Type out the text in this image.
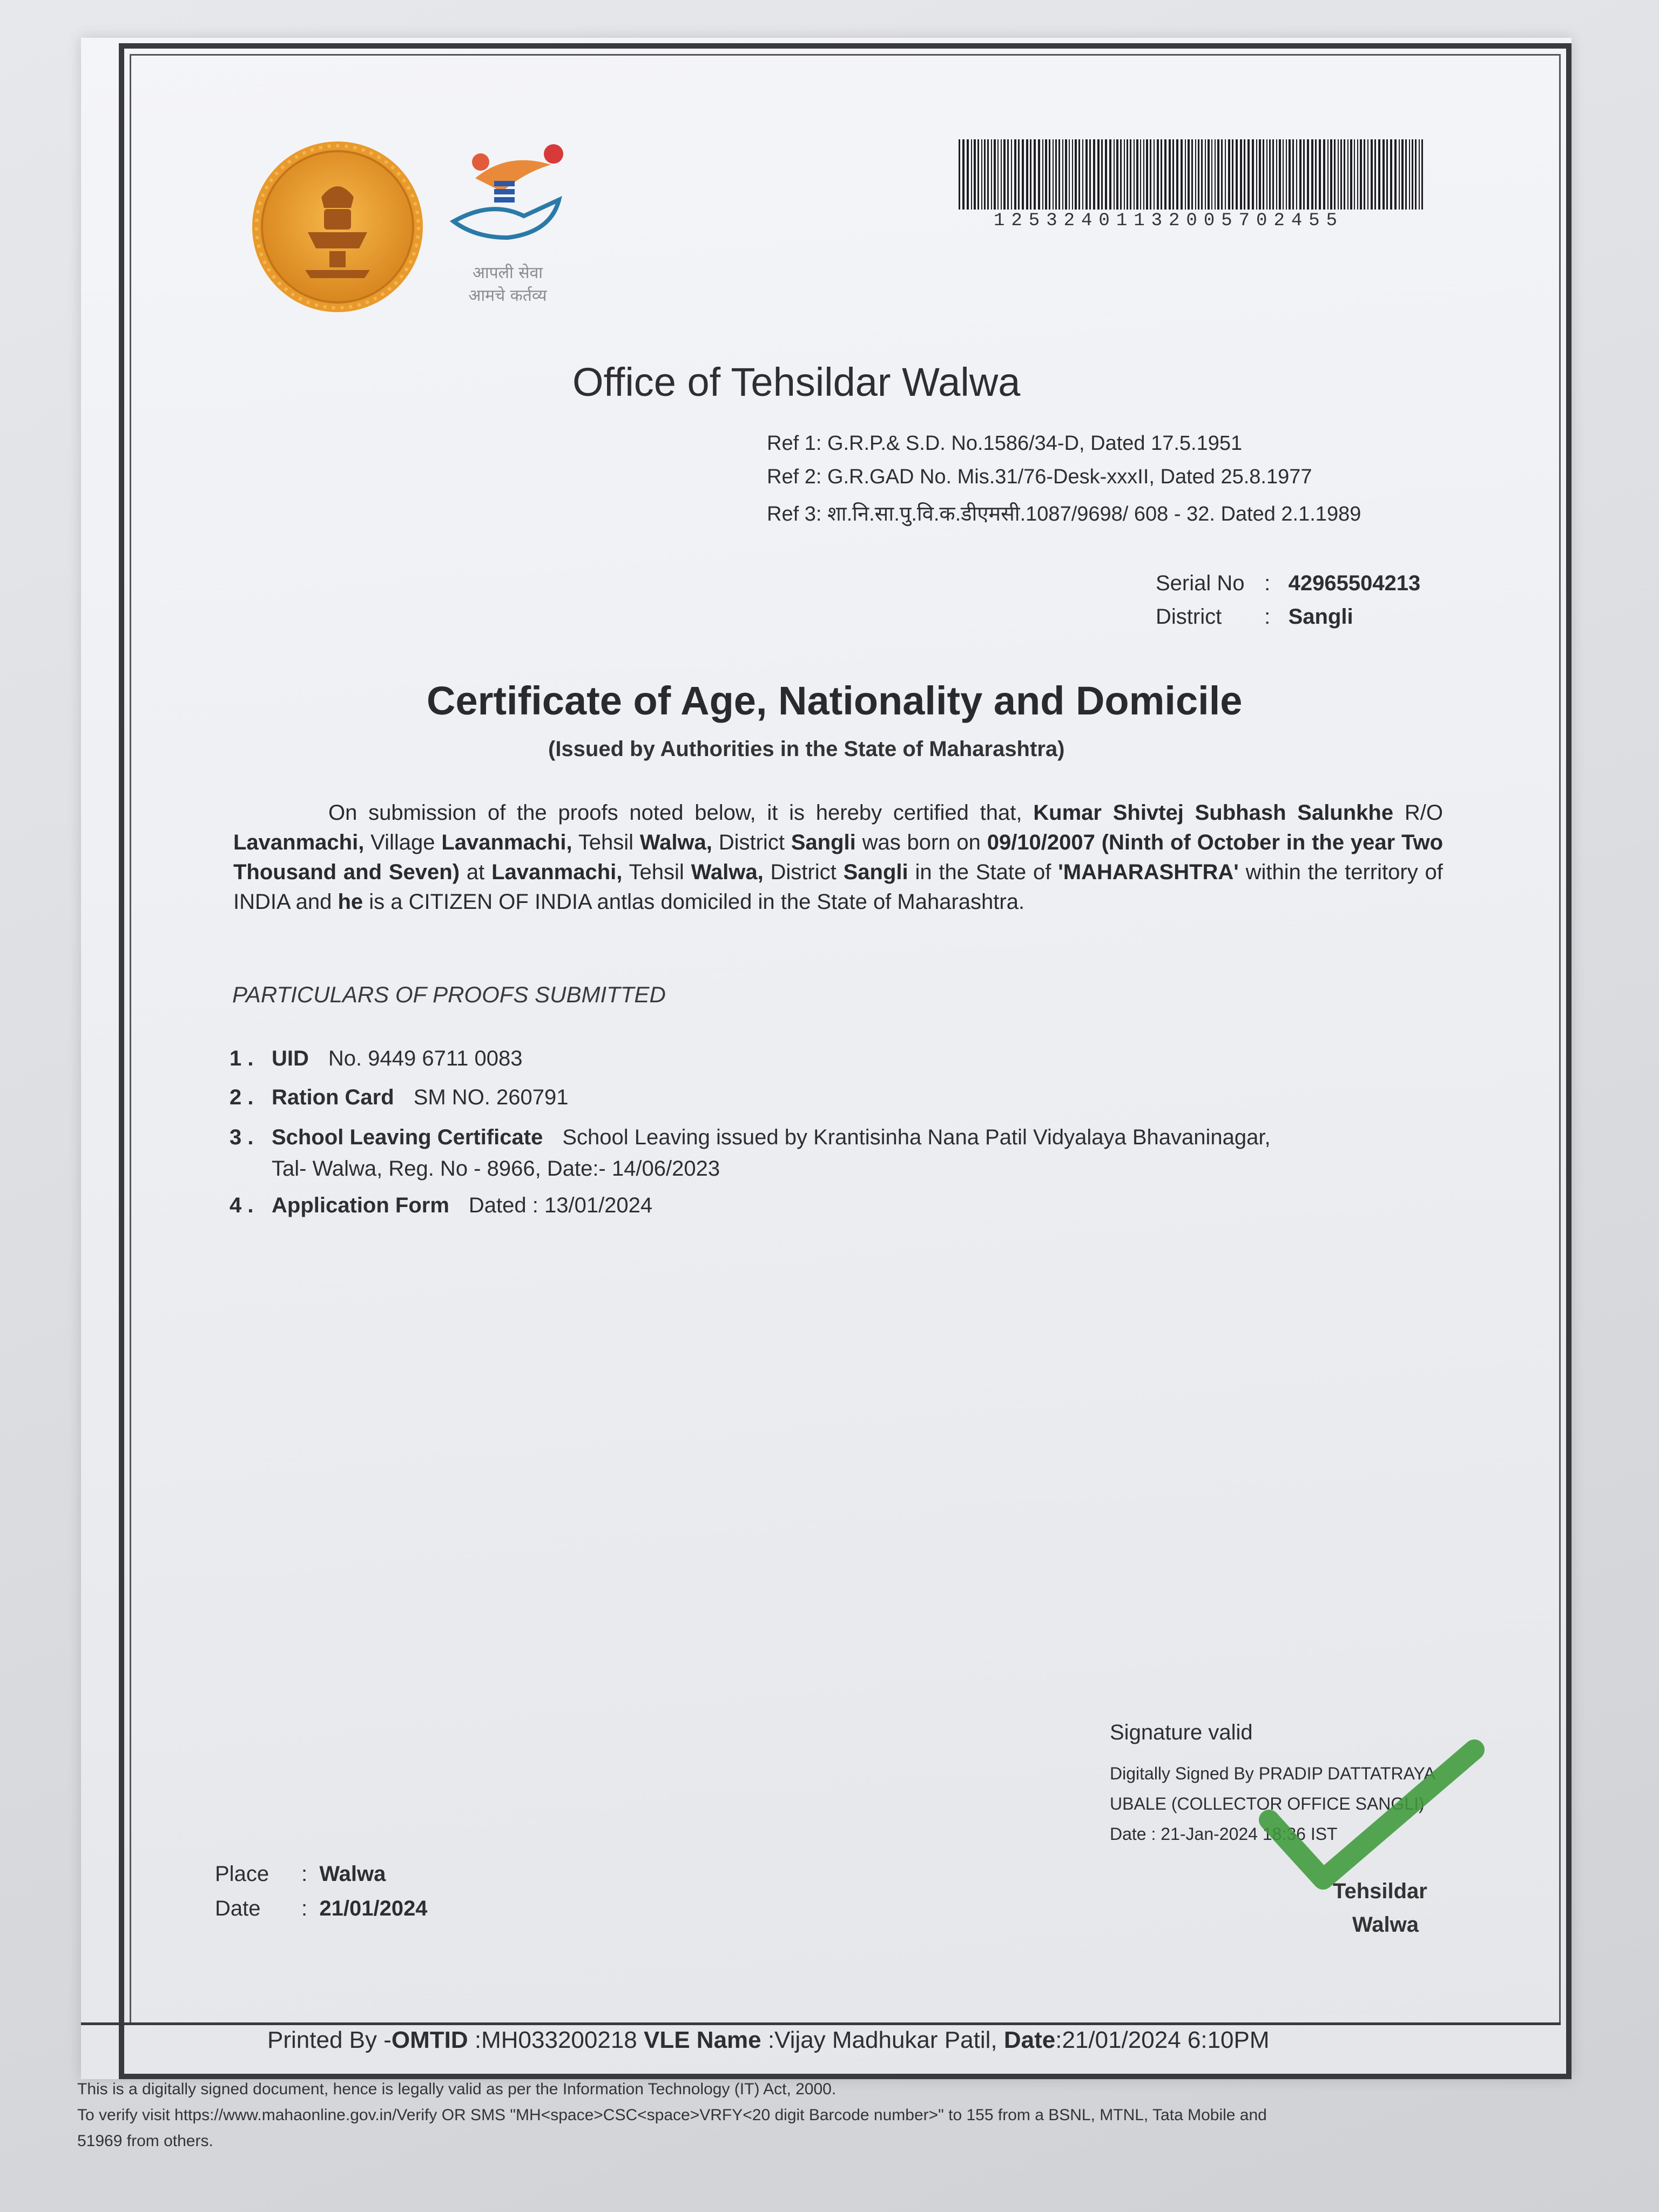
आपली सेवा
आमचे कर्तव्य
12532401132005702455
Office of Tehsildar Walwa
Ref 1: G.R.P.& S.D. No.1586/34-D, Dated 17.5.1951
Ref 2: G.R.GAD No. Mis.31/76-Desk-xxxII, Dated 25.8.1977
Ref 3: शा.नि.सा.पु.वि.क.डीएमसी.1087/9698/ 608 - 32. Dated 2.1.1989
Serial No :   42965504213
District :   Sangli
Certificate of Age, Nationality and Domicile
(Issued by Authorities in the State of Maharashtra)
On submission of the proofs noted below, it is hereby certified that, Kumar Shivtej Subhash Salunkhe R/O Lavanmachi, Village Lavanmachi, Tehsil Walwa, District Sangli was born on 09/10/2007 (Ninth of October in the year Two Thousand and Seven) at Lavanmachi, Tehsil Walwa, District Sangli in the State of 'MAHARASHTRA' within the territory of INDIA and he is a CITIZEN OF INDIA antlas domiciled in the State of Maharashtra.
PARTICULARS OF PROOFS SUBMITTED
1 . UID No. 9449 6711 0083
2 . Ration Card SM NO. 260791
3 . School Leaving Certificate School Leaving issued by Krantisinha Nana Patil Vidyalaya Bhavaninagar,
Tal- Walwa, Reg. No - 8966, Date:- 14/06/2023
4 . Application Form Dated : 13/01/2024
Signature valid
Digitally Signed By PRADIP DATTATRAYA
UBALE (COLLECTOR OFFICE SANGLI)
Date : 21-Jan-2024 18:36 IST
Tehsildar
Walwa
Place : Walwa
Date : 21/01/2024
Printed By -OMTID :MH033200218 VLE Name :Vijay Madhukar Patil, Date:21/01/2024 6:10PM
This is a digitally signed document, hence is legally valid as per the Information Technology (IT) Act, 2000.
To verify visit https://www.mahaonline.gov.in/Verify OR SMS "MH<space>CSC<space>VRFY<20 digit Barcode number>" to 155 from a BSNL, MTNL, Tata Mobile and
51969 from others.
